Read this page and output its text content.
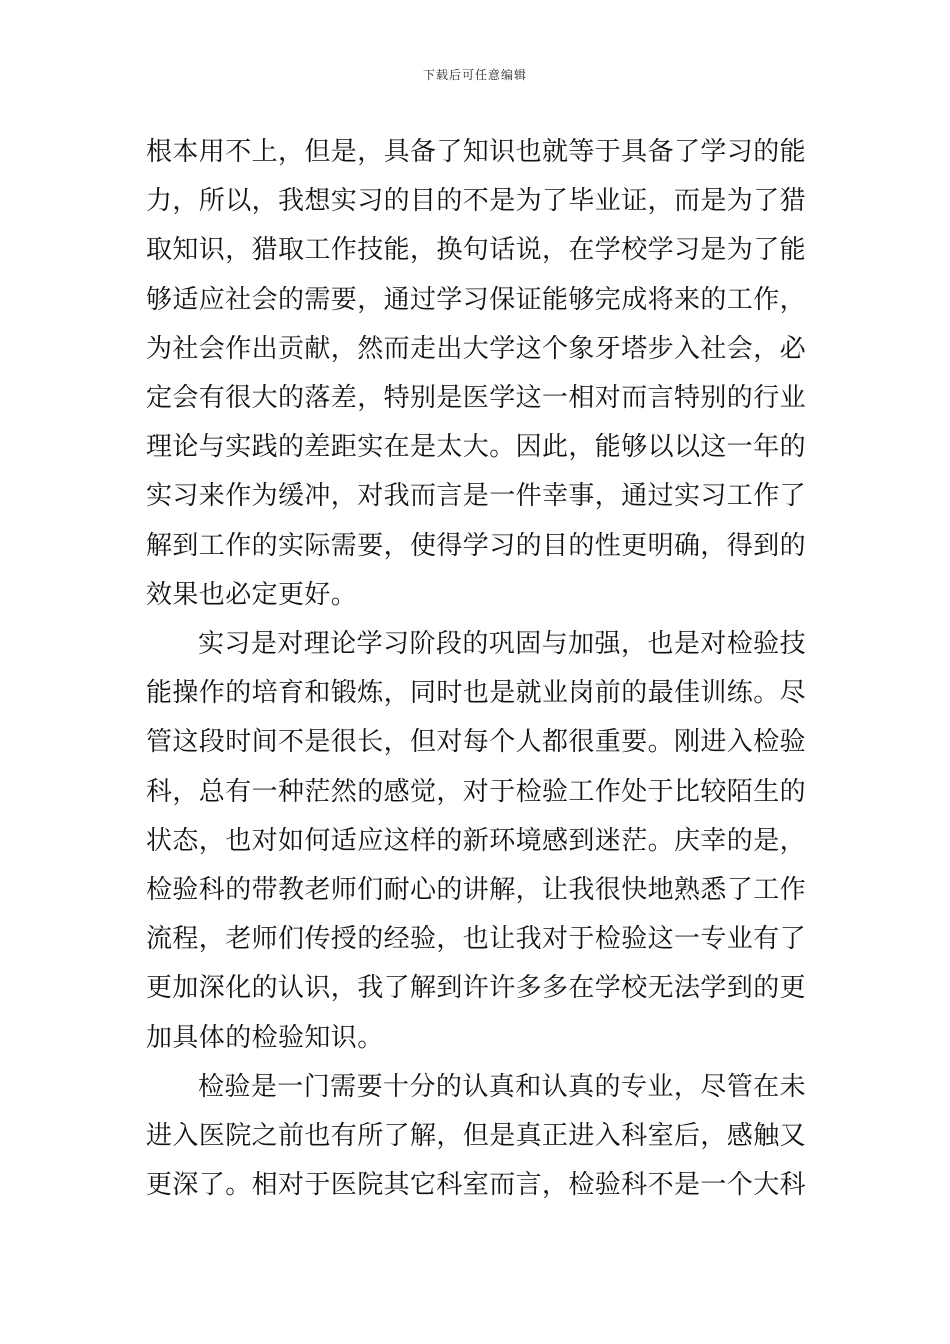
下载后可任意编辑

根本用不上，但是，具备了知识也就等于具备了学习的能力，所以，我想实习的目的不是为了毕业证，而是为了猎取知识，猎取工作技能，换句话说，在学校学习是为了能够适应社会的需要，通过学习保证能够完成将来的工作，为社会作出贡献，然而走出大学这个象牙塔步入社会，必定会有很大的落差，特别是医学这一相对而言特别的行业理论与实践的差距实在是太大。因此，能够以以这一年的实习来作为缓冲，对我而言是一件幸事，通过实习工作了解到工作的实际需要，使得学习的目的性更明确，得到的效果也必定更好。

实习是对理论学习阶段的巩固与加强，也是对检验技能操作的培育和锻炼，同时也是就业岗前的最佳训练。尽管这段时间不是很长，但对每个人都很重要。刚进入检验科，总有一种茫然的感觉，对于检验工作处于比较陌生的状态，也对如何适应这样的新环境感到迷茫。庆幸的是，检验科的带教老师们耐心的讲解，让我很快地熟悉了工作流程，老师们传授的经验，也让我对于检验这一专业有了更加深化的认识，我了解到许许多多在学校无法学到的更加具体的检验知识。

检验是一门需要十分的认真和认真的专业，尽管在未进入医院之前也有所了解，但是真正进入科室后，感触又更深了。相对于医院其它科室而言，检验科不是一个大科
